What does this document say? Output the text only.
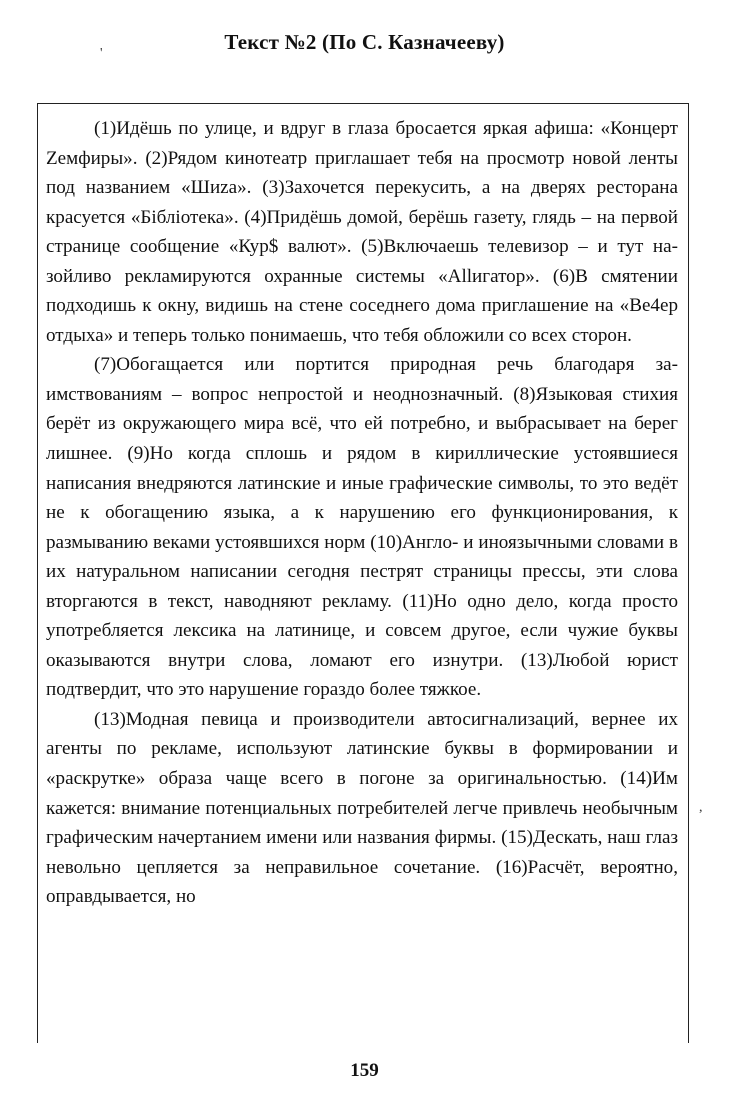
Текст №2 (По С. Казначееву)

(1)Идёшь по улице, и вдруг в глаза бросается яркая афиша: «Концерт Zемфиры». (2)Рядом кинотеатр приглашает тебя на просмотр новой ленты под названием «Шиzа». (3)Захочется перекусить, а на дверях ресторана красуется «Бiблiотека». (4)Придёшь домой, берёшь газету, глядь – на первой странице сообщение «Кур$ валют». (5)Включаешь телевизор – и тут назойливо рекламируются охранные системы «Аllигатор». (6)В смятении подходишь к окну, видишь на стене соседнего дома приглашение на «Ве4ер отдыха» и теперь только понимаешь, что тебя обложили со всех сторон.

(7)Обогащается или портится природная речь благодаря заимствованиям – вопрос непростой и неоднозначный. (8)Языковая стихия берёт из окружающего мира всё, что ей потребно, и выбрасывает на берег лишнее. (9)Но когда сплошь и рядом в кириллические устоявшиеся написания внедряются латинские и иные графические символы, то это ведёт не к обогащению языка, а к нарушению его функционирования, к размыванию веками устоявшихся норм (10)Англо- и иноязычными словами в их натуральном написании сегодня пестрят страницы прессы, эти слова вторгаются в текст, наводняют рекламу. (11)Но одно дело, когда просто употребляется лексика на латинице, и совсем другое, если чужие буквы оказываются внутри слова, ломают его изнутри. (13)Любой юрист подтвердит, что это нарушение гораздо более тяжкое.

(13)Модная певица и производители автосигнализаций, вернее их агенты по рекламе, используют латинские буквы в формировании и «раскрутке» образа чаще всего в погоне за оригинальностью. (14)Им кажется: внимание потенциальных потребителей легче привлечь необычным графическим начертанием имени или названия фирмы. (15)Дескать, наш глаз невольно цепляется за неправильное сочетание. (16)Расчёт, вероятно, оправдывается, но

'
,
159
